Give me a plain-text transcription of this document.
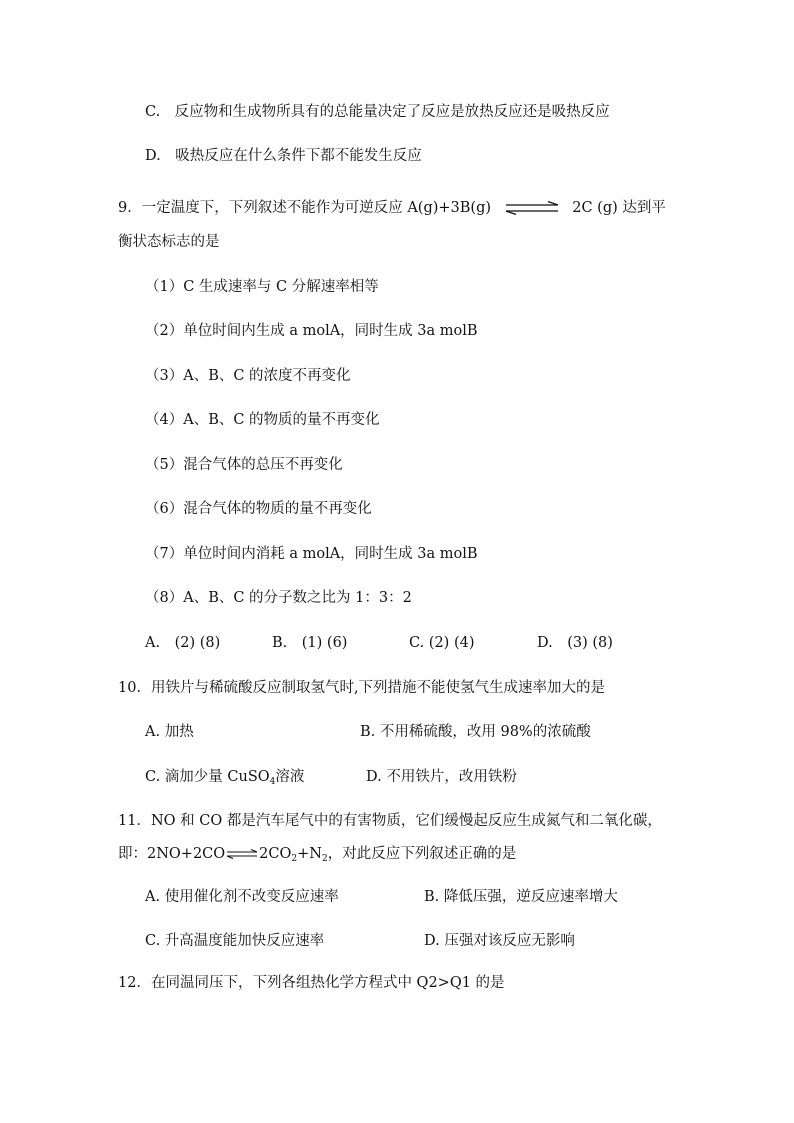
C.　反应物和生成物所具有的总能量决定了反应是放热反应还是吸热反应
D.　吸热反应在什么条件下都不能发生反应
9．一定温度下，下列叙述不能作为可逆反应 A(g)+3B(g) ⇌ 2C (g) 达到平
衡状态标志的是
（1）C 生成速率与 C 分解速率相等
（2）单位时间内生成 a molA，同时生成 3a molB
（3）A、B、C 的浓度不再变化
（4）A、B、C 的物质的量不再变化
（5）混合气体的总压不再变化
（6）混合气体的物质的量不再变化
（7）单位时间内消耗 a molA，同时生成 3a molB
（8）A、B、C 的分子数之比为 1：3：2
A.　(2) (8)	B.　(1) (6)	C. (2) (4)	D.　(3) (8)
10．用铁片与稀硫酸反应制取氢气时,下列措施不能使氢气生成速率加大的是
A. 加热	B. 不用稀硫酸，改用 98%的浓硫酸
C. 滴加少量 CuSO$_4$溶液	D. 不用铁片，改用铁粉
11．NO 和 CO 都是汽车尾气中的有害物质，它们缓慢起反应生成氮气和二氧化碳，
即：$2NO+2CO\rightleftharpoons 2CO_2+N_2$，对此反应下列叙述正确的是
A. 使用催化剂不改变反应速率	B. 降低压强，逆反应速率增大
C. 升高温度能加快反应速率	D. 压强对该反应无影响
12．在同温同压下，下列各组热化学方程式中 Q2>Q1 的是
